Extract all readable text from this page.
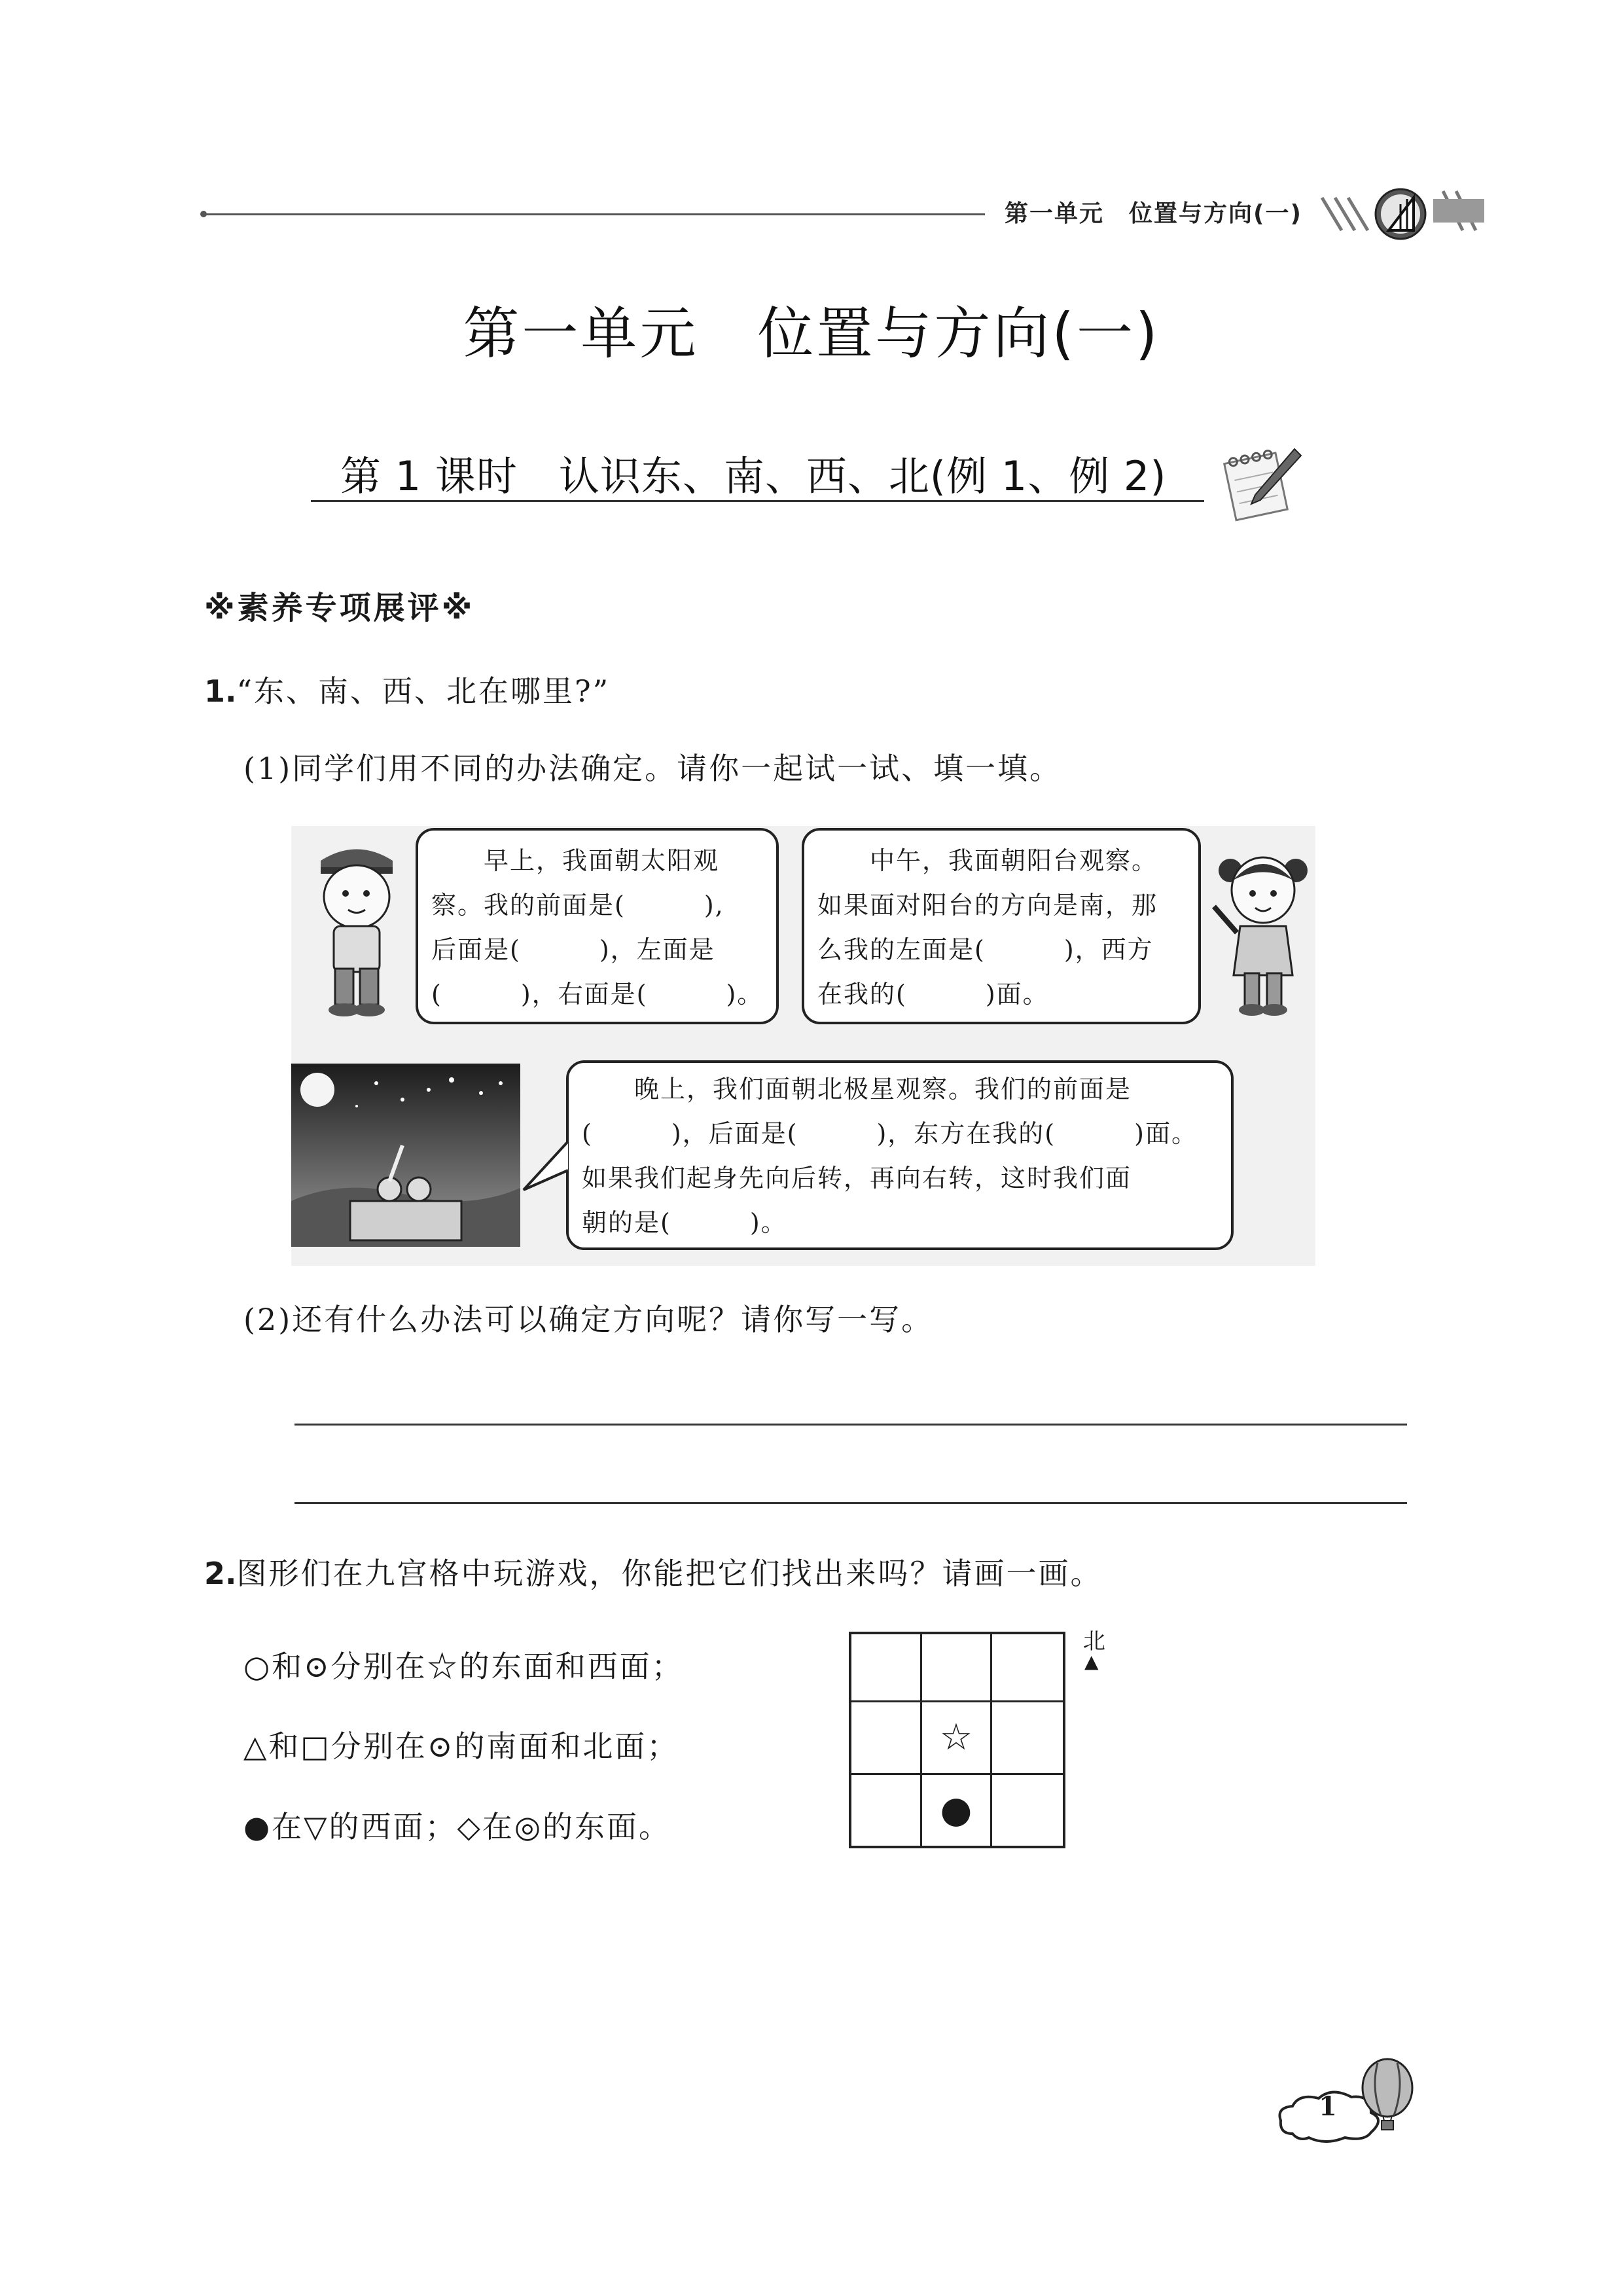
第一单元　位置与方向(一)
第一单元　位置与方向(一)
第 1 课时　认识东、南、西、北(例 1、例 2)
※素养专项展评※
1.“东、南、西、北在哪里?”
(1)同学们用不同的办法确定。请你一起试一试、填一填。
　　早上，我面朝太阳观
察。我的前面是(　　　),
后面是(　　　)，左面是
(　　　)，右面是(　　　)。
　　中午，我面朝阳台观察。
如果面对阳台的方向是南，那
么我的左面是(　　　)，西方
在我的(　　　)面。
　　晚上，我们面朝北极星观察。我们的前面是
(　　　)，后面是(　　　)，东方在我的(　　　)面。
如果我们起身先向后转，再向右转，这时我们面
朝的是(　　　)。
(2)还有什么办法可以确定方向呢？请你写一写。
2.图形们在九宫格中玩游戏，你能把它们找出来吗？请画一画。
○和⊙分别在☆的东面和西面；
△和□分别在⊙的南面和北面；
●在▽的西面；◇在◎的东面。
☆
●
北
▲
1
